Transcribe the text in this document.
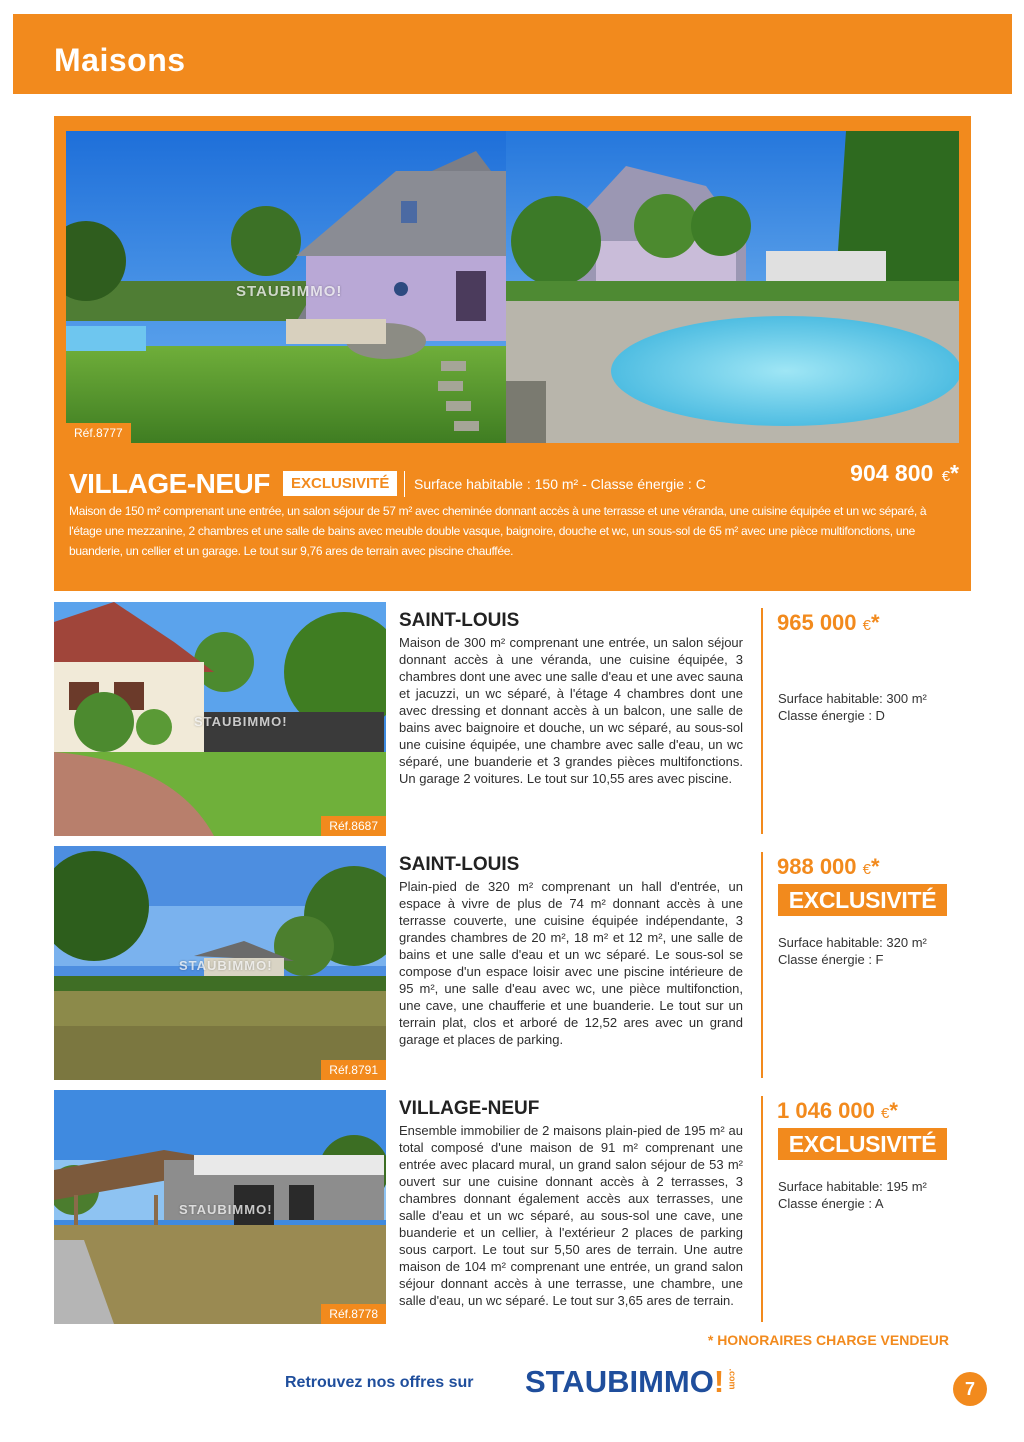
Maisons
STAUBIMMO!
Réf.8777
VILLAGE-NEUF	EXCLUSIVITÉ	Surface habitable : 150 m² - Classe énergie : C	904 800 €*
Maison de 150 m² comprenant une entrée, un salon séjour de 57 m² avec cheminée donnant accès à une terrasse et une véranda, une cuisine équipée et un wc séparé, à l'étage une mezzanine, 2 chambres et une salle de bains avec meuble double vasque, baignoire, douche et wc, un sous-sol de 65 m² avec une pièce multifonctions, une buanderie, un cellier et un garage. Le tout sur 9,76 ares de terrain avec piscine chauffée.
STAUBIMMO!
Réf.8687
SAINT-LOUIS
Maison de 300 m² comprenant une entrée, un salon séjour donnant accès à une véranda, une cuisine équipée, 3 chambres dont une avec une salle d'eau et une avec sauna et jacuzzi, un wc séparé, à l'étage 4 chambres dont une avec dressing et donnant accès à un balcon, une salle de bains avec baignoire et douche, un wc séparé, au sous-sol une cuisine équipée, une chambre avec salle d'eau, un wc séparé, une buanderie et 3 grandes pièces multifonctions. Un garage 2 voitures. Le tout sur 10,55 ares avec piscine.
965 000 €*
Surface habitable: 300 m²
Classe énergie : D
STAUBIMMO!
Réf.8791
SAINT-LOUIS
Plain-pied de 320 m² comprenant un hall d'entrée, un espace à vivre de plus de 74 m² donnant accès à une terrasse couverte, une cuisine équipée indépendante, 3 grandes chambres de 20 m², 18 m² et 12 m², une salle de bains et une salle d'eau et un wc séparé. Le sous-sol se compose d'un espace loisir avec une piscine intérieure de 95 m², une salle d'eau avec wc, une pièce multifonction, une cave, une chaufferie et une buanderie. Le tout sur un terrain plat, clos et arboré de 12,52 ares avec un grand garage et places de parking.
988 000 €*
EXCLUSIVITÉ
Surface habitable: 320 m²
Classe énergie : F
STAUBIMMO!
Réf.8778
VILLAGE-NEUF
Ensemble immobilier de 2 maisons plain-pied de 195 m² au total composé d'une maison de 91 m² comprenant une entrée avec placard mural, un grand salon séjour de 53 m² ouvert sur une cuisine donnant accès à 2 terrasses, 3 chambres donnant également accès aux terrasses, une salle d'eau et un wc séparé, au sous-sol une cave, une buanderie et un cellier, à l'extérieur 2 places de parking sous carport. Le tout sur 5,50 ares de terrain. Une autre maison de 104 m² comprenant une entrée, un grand salon séjour donnant accès à une terrasse, une chambre, une salle d'eau, un wc séparé. Le tout sur 3,65 ares de terrain.
1 046 000 €*
EXCLUSIVITÉ
Surface habitable: 195 m²
Classe énergie : A
* HONORAIRES CHARGE VENDEUR
Retrouvez nos offres sur STAUBIMMO! .com	7
